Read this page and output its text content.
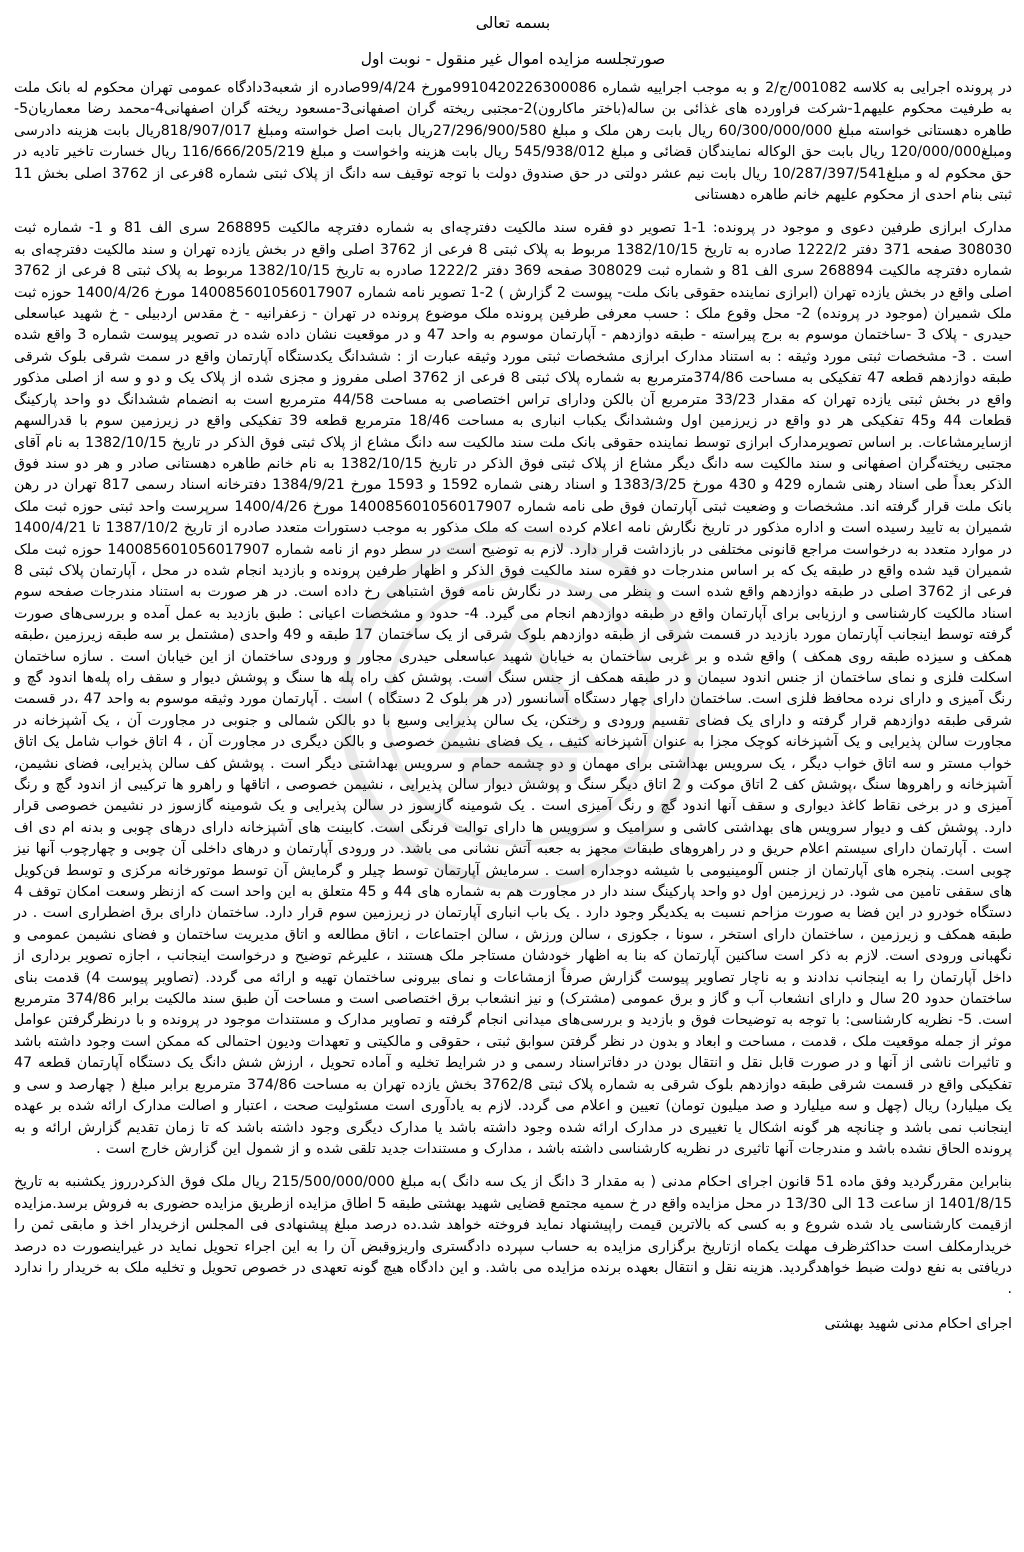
بسمه تعالی

صورتجلسه مزایده اموال غیر منقول - نوبت اول

در پرونده اجرایی به کلاسه 001082/ج/2 و به موجب اجراییه شماره 9910420226300086مورخ 99/4/24صادره از شعبه3دادگاه عمومی تهران محکوم له بانک ملت به طرفیت محکوم علیهم1-شرکت فراورده های غذائی بن ساله(باختر ماکارون)2-مجتبی ریخته گران اصفهانی3-مسعود ریخته گران اصفهانی4-محمد رضا معماریان5-طاهره دهستانی خواسته مبلغ 60/300/000/000 ریال بابت رهن ملک و مبلغ 27/296/900/580ریال بابت اصل خواسته ومبلغ 818/907/017ریال بابت هزینه دادرسی ومبلغ120/000/000 ریال بابت حق الوکاله نمایندگان قضائی و مبلغ 545/938/012 ریال بابت هزینه واخواست و مبلغ 116/666/205/219 ریال خسارت تاخیر تادیه در حق محکوم له و مبلغ10/287/397/541 ریال بابت نیم عشر دولتی در حق صندوق دولت با توجه توقیف سه دانگ از پلاک ثبتی شماره 8فرعی از 3762 اصلی بخش 11 ثبتی بنام احدی از محکوم علیهم خانم طاهره دهستانی

مدارک ابرازی طرفین دعوی و موجود در پرونده: 1-1 تصویر دو فقره سند مالکیت دفترچه‌ای به شماره دفترچه مالکیت 268895 سری الف 81 و 1- شماره ثبت 308030 صفحه 371 دفتر 1222/2 صادره به تاریخ 1382/10/15 مربوط به پلاک ثبتی 8 فرعی از 3762 اصلی واقع در بخش یازده تهران و سند مالکیت دفترچه‌ای به شماره دفترچه مالکیت 268894 سری الف 81 و شماره ثبت 308029 صفحه 369 دفتر 1222/2 صادره به تاریخ 1382/10/15 مربوط به پلاک ثبتی 8 فرعی از 3762 اصلی واقع در بخش یازده تهران (ابرازی نماینده حقوقی بانک ملت- پیوست 2 گزارش ) 2-1 تصویر نامه شماره 140085601056017907 مورخ 1400/4/26 حوزه ثبت ملک شمیران (موجود در پرونده) 2- محل وقوع ملک : حسب معرفی طرفین پرونده ملک موضوع پرونده در تهران - زعفرانیه - خ مقدس اردبیلی - خ شهید عباسعلی حیدری - پلاک 3 -ساختمان موسوم به برج پیراسته - طبقه دوازدهم - آپارتمان موسوم به واحد 47 و در موقعیت نشان داده شده در تصویر پیوست شماره 3 واقع شده است . 3- مشخصات ثبتی مورد وثیقه : به استناد مدارک ابرازی مشخصات ثبتی مورد وثیقه عبارت از : ششدانگ یکدستگاه آپارتمان واقع در سمت شرقی بلوک شرقی طبقه دوازدهم قطعه 47 تفکیکی به مساحت 374/86مترمربع به شماره پلاک ثبتی 8 فرعی از 3762 اصلی مفروز و مجزی شده از پلاک یک و دو و سه از اصلی مذکور واقع در بخش ثبتی یازده تهران که مقدار 33/23 مترمربع آن بالکن ودارای تراس اختصاصی به مساحت 44/58 مترمربع است به انضمام ششدانگ دو واحد پارکینگ قطعات 44 و45 تفکیکی هر دو واقع در زیرزمین اول وششدانگ یکباب انباری به مساحت 18/46 مترمربع قطعه 39 تفکیکی واقع در زیرزمین سوم با قدرالسهم ازسایرمشاعات. بر اساس تصویرمدارک ابرازی توسط نماینده حقوقی بانک ملت سند مالکیت سه دانگ مشاع از پلاک ثبتی فوق الذکر در تاریخ 1382/10/15 به نام آقای مجتبی ریخته‌گران اصفهانی و سند مالکیت سه دانگ دیگر مشاع از پلاک ثبتی فوق الذکر در تاریخ 1382/10/15 به نام خانم طاهره دهستانی صادر و هر دو سند فوق الذکر بعداً طی اسناد رهنی شماره 429 و 430 مورخ 1383/3/25 و اسناد رهنی شماره 1592 و 1593 مورخ 1384/9/21 دفترخانه اسناد رسمی 817 تهران در رهن بانک ملت قرار گرفته اند. مشخصات و وضعیت ثبتی آپارتمان فوق طی نامه شماره 140085601056017907 مورخ 1400/4/26 سرپرست واحد ثبتی حوزه ثبت ملک شمیران به تایید رسیده است و اداره مذکور در تاریخ نگارش نامه اعلام کرده است که ملک مذکور به موجب دستورات متعدد صادره از تاریخ 1387/10/2 تا 1400/4/21 در موارد متعدد به درخواست مراجع قانونی مختلفی در بازداشت قرار دارد. لازم به توضیح است در سطر دوم از نامه شماره 140085601056017907 حوزه ثبت ملک شمیران قید شده واقع در طبقه یک که بر اساس مندرجات دو فقره سند مالکیت فوق الذکر و اظهار طرفین پرونده و بازدید انجام شده در محل ، آپارتمان پلاک ثبتی 8 فرعی از 3762 اصلی در طبقه دوازدهم واقع شده است و بنظر می رسد در نگارش نامه فوق اشتباهی رخ داده است. در هر صورت به استناد مندرجات صفحه سوم اسناد مالکیت کارشناسی و ارزیابی برای آپارتمان واقع در طبقه دوازدهم انجام می گیرد. 4- حدود و مشخصات اعیانی : طبق بازدید به عمل آمده و بررسی‌های صورت گرفته توسط اینجانب آپارتمان مورد بازدید در قسمت شرقی از طبقه دوازدهم بلوک شرقی از یک ساختمان 17 طبقه و 49 واحدی (مشتمل بر سه طبقه زیرزمین ،طبقه همکف و سیزده طبقه روی همکف ) واقع شده و بر غربی ساختمان به خیابان شهید عباسعلی حیدری مجاور و ورودی ساختمان از این خیابان است . سازه ساختمان اسکلت فلزی و نمای ساختمان از جنس اندود سیمان و در طبقه همکف از جنس سنگ است. پوشش کف راه پله ها سنگ و پوشش دیوار و سقف راه پله‌ها اندود گچ و رنگ آمیزی و دارای نرده محافظ فلزی است. ساختمان دارای چهار دستگاه آسانسور (در هر بلوک 2 دستگاه ) است . آپارتمان مورد وثیقه موسوم به واحد 47 ،در قسمت شرقی طبقه دوازدهم قرار گرفته و دارای یک فضای تقسیم ورودی و رختکن، یک سالن پذیرایی وسیع با دو بالکن شمالی و جنوبی در مجاورت آن ، یک آشپزخانه در مجاورت سالن پذیرایی و یک آشپزخانه کوچک مجزا به عنوان آشپزخانه کثیف ، یک فضای نشیمن خصوصی و بالکن دیگری در مجاورت آن ، 4 اتاق خواب شامل یک اتاق خواب مستر و سه اتاق خواب دیگر ، یک سرویس بهداشتی برای مهمان و دو چشمه حمام و سرویس بهداشتی دیگر است . پوشش کف سالن پذیرایی، فضای نشیمن، آشپزخانه و راهروها سنگ ،پوشش کف 2 اتاق موکت و 2 اتاق دیگر سنگ و پوشش دیوار سالن پذیرایی ، نشیمن خصوصی ، اتاقها و راهرو ها ترکیبی از اندود گچ و رنگ آمیزی و در برخی نقاط کاغذ دیواری و سقف آنها اندود گچ و رنگ آمیزی است . یک شومینه گازسوز در سالن پذیرایی و یک شومینه گازسوز در نشیمن خصوصی قرار دارد. پوشش کف و دیوار سرویس های بهداشتی کاشی و سرامیک و سرویس ها دارای توالت فرنگی است. کابینت های آشپزخانه دارای درهای چوبی و بدنه ام دی اف است . آپارتمان دارای سیستم اعلام حریق و در راهروهای طبقات مجهز به جعبه آتش نشانی می باشد. در ورودی آپارتمان و درهای داخلی آن چوبی و چهارچوب آنها نیز چوبی است. پنجره های آپارتمان از جنس آلومینیومی با شیشه دوجداره است . سرمایش آپارتمان توسط چیلر و گرمایش آن توسط موتورخانه مرکزی و توسط فن‌کویل های سقفی تامین می شود. در زیرزمین اول دو واحد پارکینگ سند دار در مجاورت هم به شماره های 44 و 45 متعلق به این واحد است که ازنظر وسعت امکان توقف 4 دستگاه خودرو در این فضا به صورت مزاحم نسبت به یکدیگر وجود دارد . یک باب انباری آپارتمان در زیرزمین سوم قرار دارد. ساختمان دارای برق اضطراری است . در طبقه همکف و زیرزمین ، ساختمان دارای استخر ، سونا ، جکوزی ، سالن ورزش ، سالن اجتماعات ، اتاق مطالعه و اتاق مدیریت ساختمان و فضای نشیمن عمومی و نگهبانی ورودی است. لازم به ذکر است ساکنین آپارتمان که بنا به اظهار خودشان مستاجر ملک هستند ، علیرغم توضیح و درخواست اینجانب ، اجازه تصویر برداری از داخل آپارتمان را به اینجانب ندادند و به ناچار تصاویر پیوست گزارش صرفاً ازمشاعات و نمای بیرونی ساختمان تهیه و ارائه می گردد. (تصاویر پیوست 4) قدمت بنای ساختمان حدود 20 سال و دارای انشعاب آب و گاز و برق عمومی (مشترک) و نیز انشعاب برق اختصاصی است و مساحت آن طبق سند مالکیت برابر 374/86 مترمربع است. 5- نظریه کارشناسی: با توجه به توضیحات فوق و بازدید و بررسی‌های میدانی انجام گرفته و تصاویر مدارک و مستندات موجود در پرونده و با درنظرگرفتن عوامل موثر از جمله موقعیت ملک ، قدمت ، مساحت و ابعاد و بدون در نظر گرفتن سوابق ثبتی ، حقوقی و مالکیتی و تعهدات ودیون احتمالی که ممکن است وجود داشته باشد و تاثیرات ناشی از آنها و در صورت قابل نقل و انتقال بودن در دفاتراسناد رسمی و در شرایط تخلیه و آماده تحویل ، ارزش شش دانگ یک دستگاه آپارتمان قطعه 47 تفکیکی واقع در قسمت شرقی طبقه دوازدهم بلوک شرقی به شماره پلاک ثبتی 3762/8 بخش یازده تهران به مساحت 374/86 مترمربع برابر مبلغ ( چهارصد و سی و یک میلیارد) ریال (چهل و سه میلیارد و صد میلیون تومان) تعیین و اعلام می گردد. لازم به یادآوری است مسئولیت صحت ، اعتبار و اصالت مدارک ارائه شده بر عهده اینجانب نمی باشد و چنانچه هر گونه اشکال یا تغییری در مدارک ارائه شده وجود داشته باشد یا مدارک دیگری وجود داشته باشد که تا زمان تقدیم گزارش ارائه و به پرونده الحاق نشده باشد و مندرجات آنها تاثیری در نظریه کارشناسی داشته باشد ، مدارک و مستندات جدید تلقی شده و از شمول این گزارش خارج است .

بنابراین مقررگردید وفق ماده 51 قانون اجرای احکام مدنی ( به مقدار 3 دانگ از یک سه دانگ )به مبلغ 215/500/000/000 ریال ملک فوق الذکردرروز یکشنبه به تاریخ 1401/8/15 از ساعت 13 الی 13/30 در محل مزایده واقع در خ سمیه مجتمع قضایی شهید بهشتی طبقه 5 اطاق مزایده ازطریق مزایده حضوری به فروش برسد.مزایده ازقیمت کارشناسی یاد شده شروع و به کسی که بالاترین قیمت راپیشنهاد نماید فروخته خواهد شد.ده درصد مبلغ پیشنهادی فی المجلس ازخریدار اخذ و مابقی ثمن را خریدارمکلف است حداکثرظرف مهلت یکماه ازتاریخ برگزاری مزایده به حساب سپرده دادگستری واریزوقبض آن را به این اجراء تحویل نماید در غیراینصورت ده درصد دریافتی به نفع دولت ضبط خواهدگردید. هزینه نقل و انتقال بعهده برنده مزایده می باشد. و این دادگاه هیچ گونه تعهدی در خصوص تحویل و تخلیه ملک به خریدار را ندارد .

اجرای احکام مدنی شهید بهشتی
